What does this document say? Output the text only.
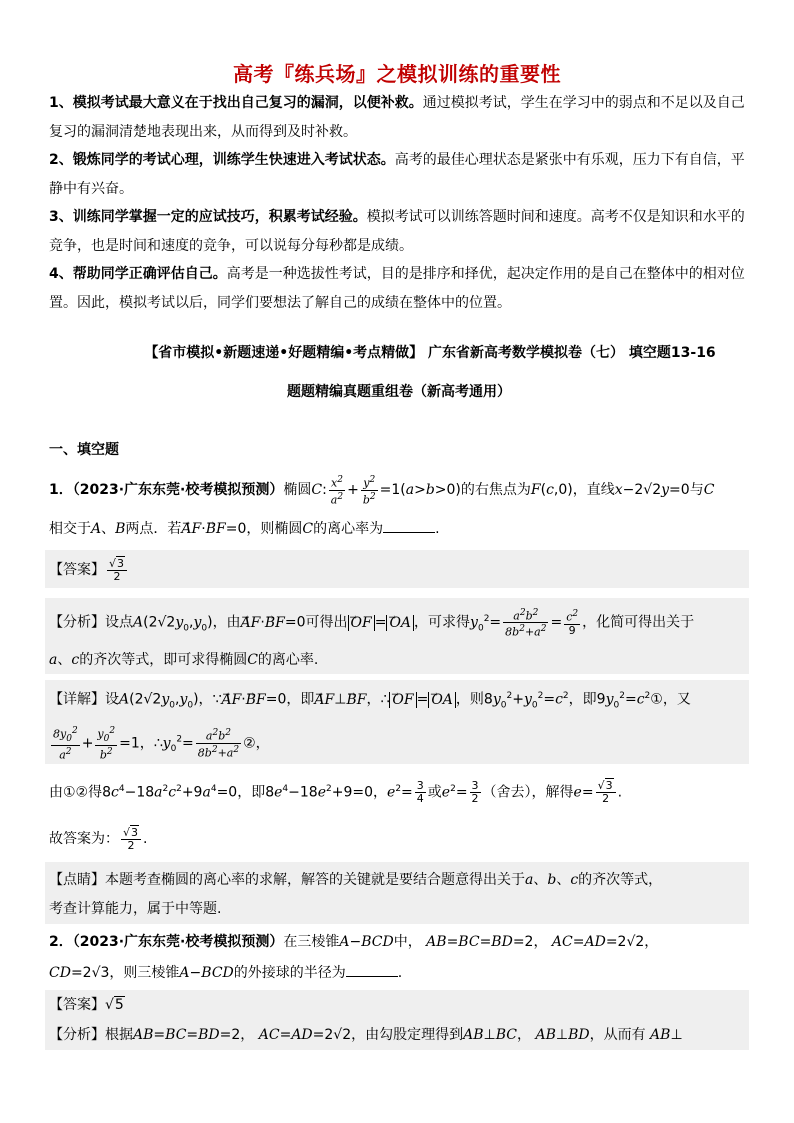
高考『练兵场』之模拟训练的重要性
1、模拟考试最大意义在于找出自己复习的漏洞，以便补救。通过模拟考试，学生在学习中的弱点和不足以及自己复习的漏洞清楚地表现出来，从而得到及时补救。
2、锻炼同学的考试心理，训练学生快速进入考试状态。高考的最佳心理状态是紧张中有乐观，压力下有自信，平静中有兴奋。
3、训练同学掌握一定的应试技巧，积累考试经验。模拟考试可以训练答题时间和速度。高考不仅是知识和水平的竞争，也是时间和速度的竞争，可以说每分每秒都是成绩。
4、帮助同学正确评估自己。高考是一种选拔性考试，目的是排序和择优，起决定作用的是自己在整体中的相对位置。因此，模拟考试以后，同学们要想法了解自己的成绩在整体中的位置。
【省市模拟•新题速递•好题精编•考点精做】 广东省新高考数学模拟卷（七） 填空题13-16
题题精编真题重组卷（新高考通用）
一、填空题
1．（2023·广东东莞·校考模拟预测）椭圆C: $\frac{x^2}{a^2} + \frac{y^2}{b^2} =1(a>b>0)$的右焦点为F(c,0)，直线x−2√2y=0与C
相交于A、B两点．若→ AF·→ BF=0，则椭圆C的离心率为	.
【答案】 $\frac{√3}{2}$
【分析】设点$A(2√2y_0,y_0)$，由→ AF·→ BF=0可得出 → OF = → OA ，可求得$y_0^2= \frac{a^2b^2}{8b^2+a^2} = \frac{c^2}{9}$ ，化简可得出关于
a、c的齐次等式，即可求得椭圆C的离心率.
【详解】设$A(2√2y_0,y_0)$，∵→ AF·→ BF=0，即→ AF⊥→ BF，∴ → OF = → OA ，则$8y_0^2+y_0^2=c^2$，即$9y_0^2=c^2①$，又
$\frac{8y_0^2}{a^2} + \frac{y_0^2}{b^2} =1$，$\therefore y_0^2= \frac{a^2b^2}{8b^2+a^2}$ ②，
由①②得$8c^4-18a^2c^2+9a^4=0$，即$8e^4-18e^2+9=0$，$e^2= \frac{3}{4}$ 或$e^2= \frac{3}{2}$ （舍去），解得$e= \frac{√3}{2}$ .
故答案为： $\frac{√3}{2}$ .
【点睛】本题考查椭圆的离心率的求解，解答的关键就是要结合题意得出关于a、b、c的齐次等式，
考查计算能力，属于中等题.
2．（2023·广东东莞·校考模拟预测）在三棱锥A−BCD中， AB=BC=BD=2， AC=AD=2√2，
CD=2√3，则三棱锥A−BCD的外接球的半径为	.
【答案】√5
【分析】根据AB=BC=BD=2， AC=AD=2√2，由勾股定理得到AB⊥BC， AB⊥BD，从而有 AB⊥
